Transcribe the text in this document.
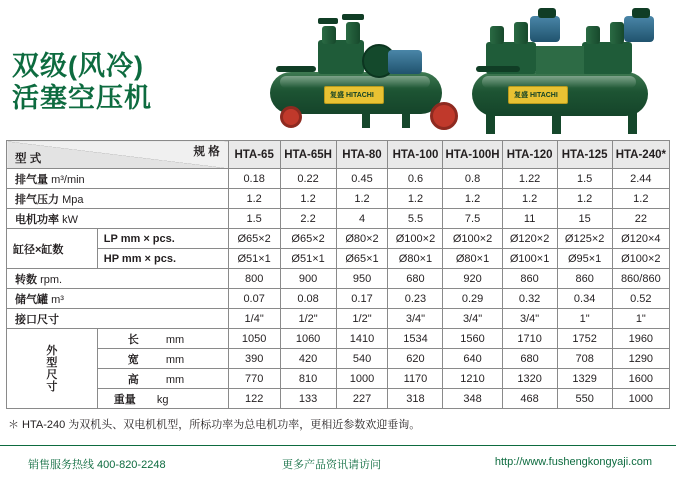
双级(风冷)
活塞空压机	复盛 HITACHI	复盛 HITACHI
型 式
规 格		HTA-65	HTA-65H	HTA-80	HTA-100	HTA-100H	HTA-120	HTA-125	HTA-240*
排气量 m³/min		0.18	0.22	0.45	0.6	0.8	1.22	1.5	2.44
排气压力 Mpa		1.2	1.2	1.2	1.2	1.2	1.2	1.2	1.2
电机功率 kW		1.5	2.2	4	5.5	7.5	11	15	22
缸径×缸数	LP mm × pcs.	Ø65×2	Ø65×2	Ø80×2	Ø100×2	Ø100×2	Ø120×2	Ø125×2	Ø120×4
	HP mm × pcs.	Ø51×1	Ø51×1	Ø65×1	Ø80×1	Ø80×1	Ø100×1	Ø95×1	Ø100×2
转数 rpm.		800	900	950	680	920	860	860	860/860
储气罐 m³		0.07	0.08	0.17	0.23	0.29	0.32	0.34	0.52
接口尺寸		1/4"	1/2"	1/2"	3/4"	3/4"	3/4"	1"	1"

外
型
尺
寸	长 mm	1050	1060	1410	1534	1560	1710	1752	1960
	宽 mm	390	420	540	620	640	680	708	1290
	高 mm	770	810	1000	1170	1210	1320	1329	1600
	重量 kg	122	133	227	318	348	468	550	1000
＊ HTA-240 为双机头、双电机机型，所标功率为总电机功率，更相近参数欢迎垂询。
销售服务热线 400-820-2248	更多产品资讯请访问	http://www.fushengkongyaji.com
